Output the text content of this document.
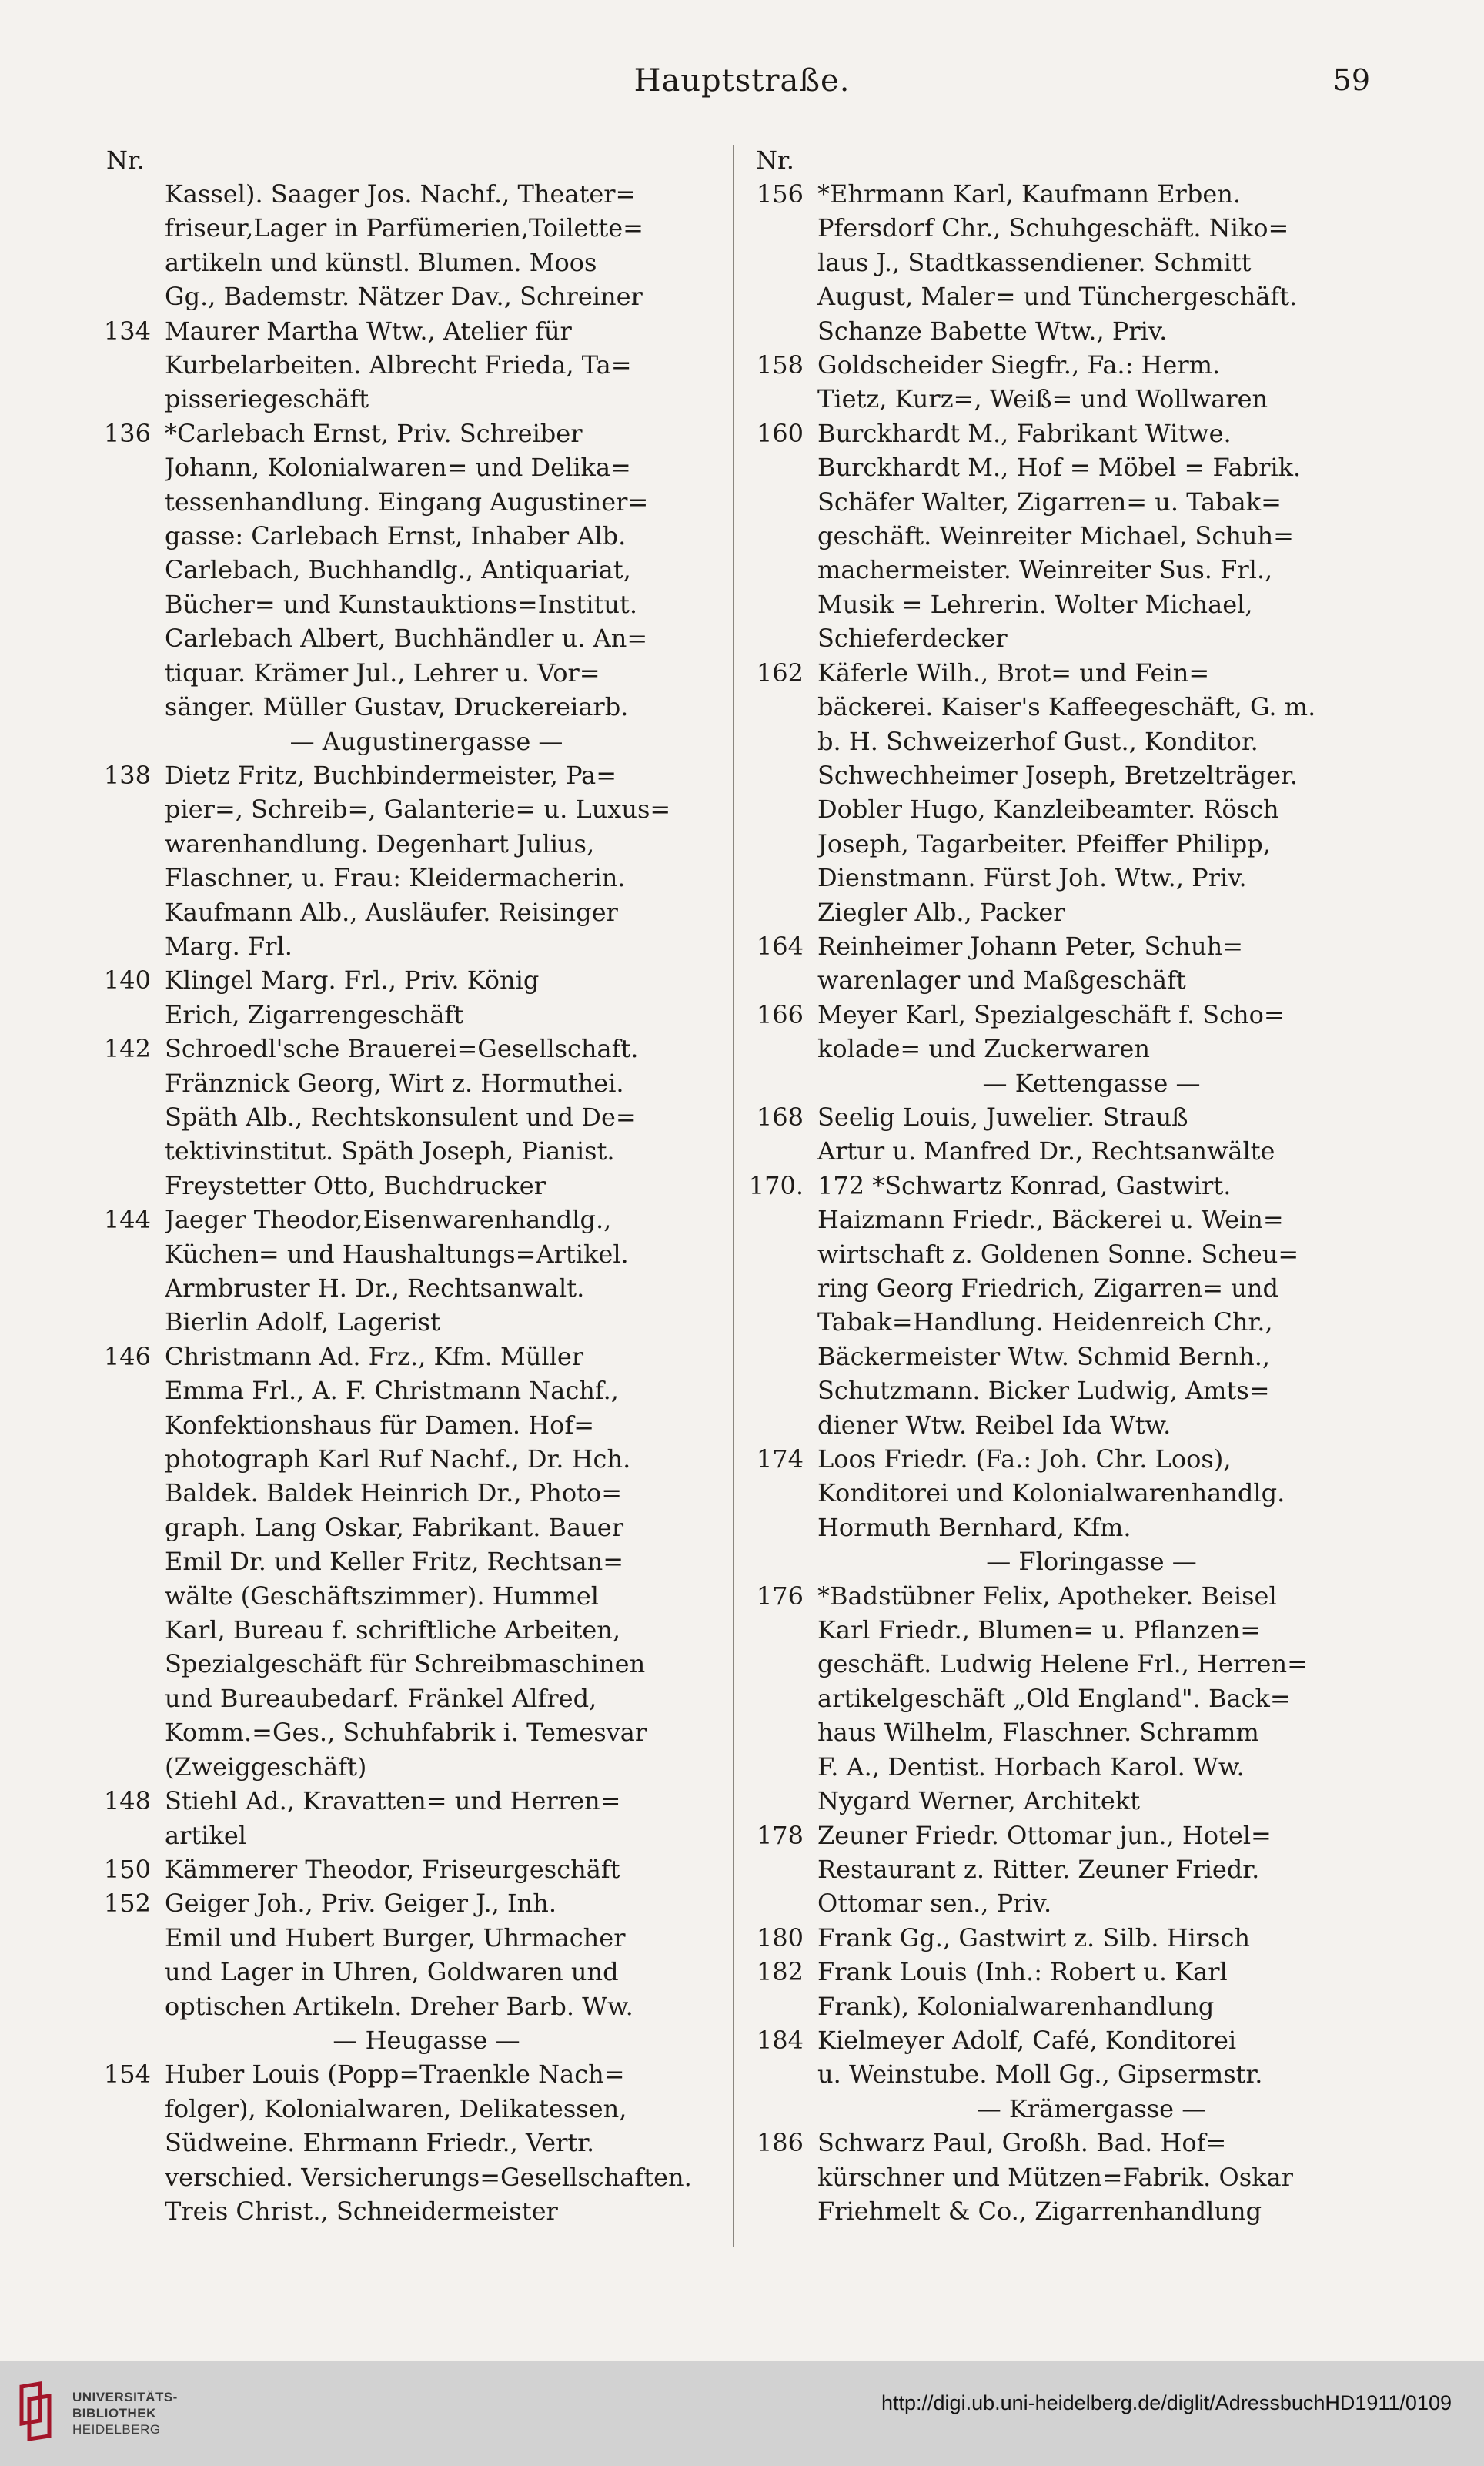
Hauptstraße.	59
Nr.
Kassel). Saager Jos. Nachf., Theater=
friseur,Lager in Parfümerien,Toilette=
artikeln und künstl. Blumen. Moos
Gg., Bademstr. Nätzer Dav., Schreiner
134 Maurer Martha Wtw., Atelier für
Kurbelarbeiten. Albrecht Frieda, Ta=
pisseriegeschäft
136 *Carlebach Ernst, Priv. Schreiber
Johann, Kolonialwaren= und Delika=
tessenhandlung. Eingang Augustiner=
gasse: Carlebach Ernst, Inhaber Alb.
Carlebach, Buchhandlg., Antiquariat,
Bücher= und Kunstauktions=Institut.
Carlebach Albert, Buchhändler u. An=
tiquar. Krämer Jul., Lehrer u. Vor=
sänger. Müller Gustav, Druckereiarb.
— Augustinergasse —
138 Dietz Fritz, Buchbindermeister, Pa=
pier=, Schreib=, Galanterie= u. Luxus=
warenhandlung. Degenhart Julius,
Flaschner, u. Frau: Kleidermacherin.
Kaufmann Alb., Ausläufer. Reisinger
Marg. Frl.
140 Klingel Marg. Frl., Priv. König
Erich, Zigarrengeschäft
142 Schroedl'sche Brauerei=Gesellschaft.
Fränznick Georg, Wirt z. Hormuthei.
Späth Alb., Rechtskonsulent und De=
tektivinstitut. Späth Joseph, Pianist.
Freystetter Otto, Buchdrucker
144 Jaeger Theodor,Eisenwarenhandlg.,
Küchen= und Haushaltungs=Artikel.
Armbruster H. Dr., Rechtsanwalt.
Bierlin Adolf, Lagerist
146 Christmann Ad. Frz., Kfm. Müller
Emma Frl., A. F. Christmann Nachf.,
Konfektionshaus für Damen. Hof=
photograph Karl Ruf Nachf., Dr. Hch.
Baldek. Baldek Heinrich Dr., Photo=
graph. Lang Oskar, Fabrikant. Bauer
Emil Dr. und Keller Fritz, Rechtsan=
wälte (Geschäftszimmer). Hummel
Karl, Bureau f. schriftliche Arbeiten,
Spezialgeschäft für Schreibmaschinen
und Bureaubedarf. Fränkel Alfred,
Komm.=Ges., Schuhfabrik i. Temesvar
(Zweiggeschäft)
148 Stiehl Ad., Kravatten= und Herren=
artikel
150 Kämmerer Theodor, Friseurgeschäft
152 Geiger Joh., Priv. Geiger J., Inh.
Emil und Hubert Burger, Uhrmacher
und Lager in Uhren, Goldwaren und
optischen Artikeln. Dreher Barb. Ww.
— Heugasse —
154 Huber Louis (Popp=Traenkle Nach=
folger), Kolonialwaren, Delikatessen,
Südweine. Ehrmann Friedr., Vertr.
verschied. Versicherungs=Gesellschaften.
Treis Christ., Schneidermeister
Nr.
156 *Ehrmann Karl, Kaufmann Erben.
Pfersdorf Chr., Schuhgeschäft. Niko=
laus J., Stadtkassendiener. Schmitt
August, Maler= und Tünchergeschäft.
Schanze Babette Wtw., Priv.
158 Goldscheider Siegfr., Fa.: Herm.
Tietz, Kurz=, Weiß= und Wollwaren
160 Burckhardt M., Fabrikant Witwe.
Burckhardt M., Hof = Möbel = Fabrik.
Schäfer Walter, Zigarren= u. Tabak=
geschäft. Weinreiter Michael, Schuh=
machermeister. Weinreiter Sus. Frl.,
Musik = Lehrerin. Wolter Michael,
Schieferdecker
162 Käferle Wilh., Brot= und Fein=
bäckerei. Kaiser's Kaffeegeschäft, G. m.
b. H. Schweizerhof Gust., Konditor.
Schwechheimer Joseph, Bretzelträger.
Dobler Hugo, Kanzleibeamter. Rösch
Joseph, Tagarbeiter. Pfeiffer Philipp,
Dienstmann. Fürst Joh. Wtw., Priv.
Ziegler Alb., Packer
164 Reinheimer Johann Peter, Schuh=
warenlager und Maßgeschäft
166 Meyer Karl, Spezialgeschäft f. Scho=
kolade= und Zuckerwaren
— Kettengasse —
168 Seelig Louis, Juwelier. Strauß
Artur u. Manfred Dr., Rechtsanwälte
170. 172 *Schwartz Konrad, Gastwirt.
Haizmann Friedr., Bäckerei u. Wein=
wirtschaft z. Goldenen Sonne. Scheu=
ring Georg Friedrich, Zigarren= und
Tabak=Handlung. Heidenreich Chr.,
Bäckermeister Wtw. Schmid Bernh.,
Schutzmann. Bicker Ludwig, Amts=
diener Wtw. Reibel Ida Wtw.
174 Loos Friedr. (Fa.: Joh. Chr. Loos),
Konditorei und Kolonialwarenhandlg.
Hormuth Bernhard, Kfm.
— Floringasse —
176 *Badstübner Felix, Apotheker. Beisel
Karl Friedr., Blumen= u. Pflanzen=
geschäft. Ludwig Helene Frl., Herren=
artikelgeschäft „Old England". Back=
haus Wilhelm, Flaschner. Schramm
F. A., Dentist. Horbach Karol. Ww.
Nygard Werner, Architekt
178 Zeuner Friedr. Ottomar jun., Hotel=
Restaurant z. Ritter. Zeuner Friedr.
Ottomar sen., Priv.
180 Frank Gg., Gastwirt z. Silb. Hirsch
182 Frank Louis (Inh.: Robert u. Karl
Frank), Kolonialwarenhandlung
184 Kielmeyer Adolf, Café, Konditorei
u. Weinstube. Moll Gg., Gipsermstr.
— Krämergasse —
186 Schwarz Paul, Großh. Bad. Hof=
kürschner und Mützen=Fabrik. Oskar
Friehmelt & Co., Zigarrenhandlung
UNIVERSITÄTS-
BIBLIOTHEK
HEIDELBERG
http://digi.ub.uni-heidelberg.de/diglit/AdressbuchHD1911/0109
